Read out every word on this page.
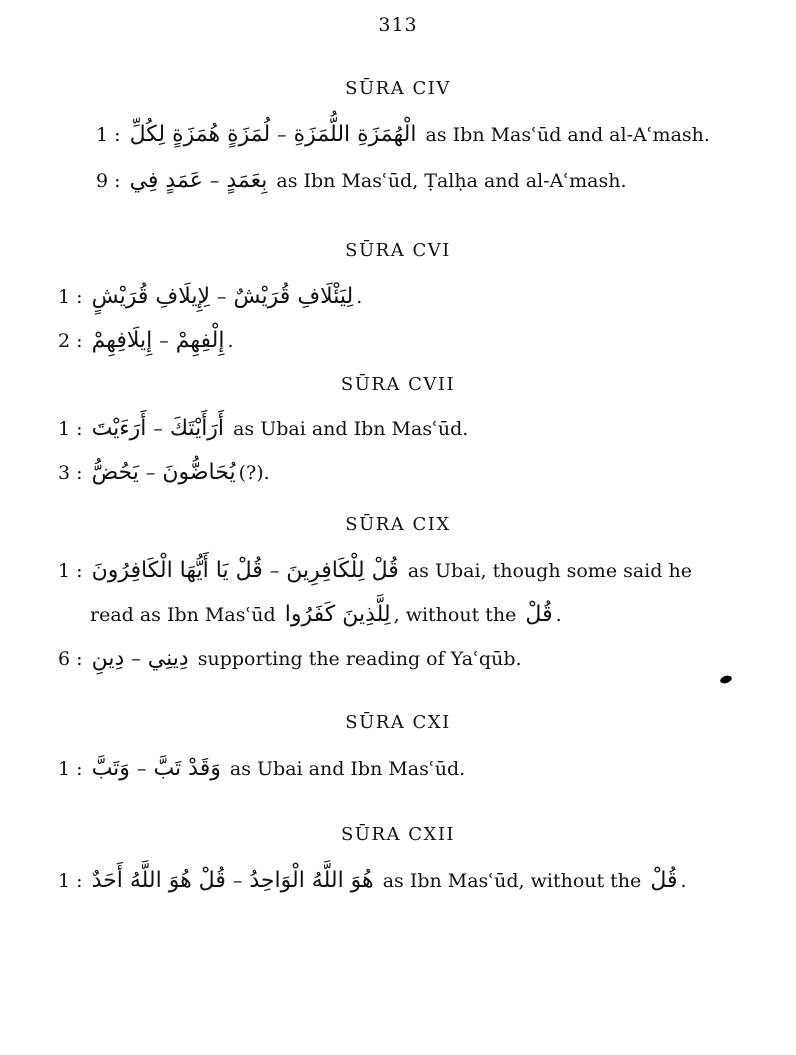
313
SŪRA CIV
1 : لُمَزَةٍ هُمَزَةٍ لِكُلِّ – الْهُمَزَةِ اللُّمَزَةِ as Ibn Masʿūd and al-Aʿmash.
9 : عَمَدٍ فِي – بِعَمَدٍ as Ibn Masʿūd, Ṭalḥa and al-Aʿmash.
SŪRA CVI
1 : لِإِيلَافِ قُرَيْشٍ – لِيَئْلَافِ قُرَيْشٌ .
2 : إِيلَافِهِمْ – إِلْفِهِمْ .
SŪRA CVII
1 : أَرَءَيْتَ – أَرَأَيْتَكَ as Ubai and Ibn Masʿūd.
3 : يَحُضُّ – يُحَاضُّونَ (?).
SŪRA CIX
1 : قُلْ يَا أَيُّهَا الْكَافِرُونَ – قُلْ لِلْكَافِرِينَ as Ubai, though some said he
read as Ibn Masʿūd لِلَّذِينَ كَفَرُوا , without the قُلْ .
6 : دِينِ – دِينِي supporting the reading of Yaʿqūb.
SŪRA CXI
1 : وَتَبَّ – وَقَدْ تَبَّ as Ubai and Ibn Masʿūd.
SŪRA CXII
1 : قُلْ هُوَ اللَّهُ أَحَدٌ – هُوَ اللَّهُ الْوَاحِدُ as Ibn Masʿūd, without the قُلْ .
